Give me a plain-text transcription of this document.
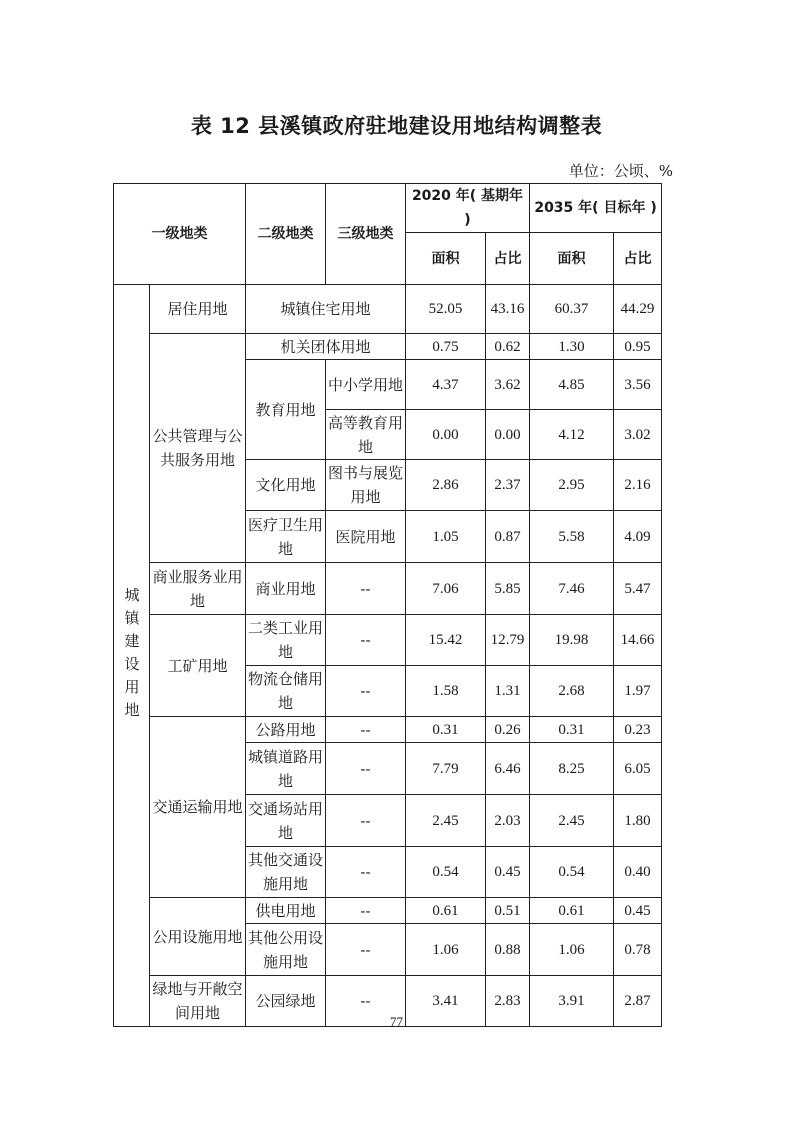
表 12 县溪镇政府驻地建设用地结构调整表
单位：公顷、%
一级地类		二级地类	三级地类	2020 年( 基期年 )		2035 年( 目标年 )	
				面积	占比	面积	占比

城镇建设用地	居住用地	城镇住宅用地		52.05	43.16	60.37	44.29
	公共管理与公共服务用地	机关团体用地		0.75	0.62	1.30	0.95
		教育用地	中小学用地	4.37	3.62	4.85	3.56
			高等教育用地	0.00	0.00	4.12	3.02
		文化用地	图书与展览用地	2.86	2.37	2.95	2.16
		医疗卫生用地	医院用地	1.05	0.87	5.58	4.09
	商业服务业用地	商业用地	--	7.06	5.85	7.46	5.47
	工矿用地	二类工业用地	--	15.42	12.79	19.98	14.66
		物流仓储用地	--	1.58	1.31	2.68	1.97
	交通运输用地	公路用地	--	0.31	0.26	0.31	0.23
		城镇道路用地	--	7.79	6.46	8.25	6.05
		交通场站用地	--	2.45	2.03	2.45	1.80
		其他交通设施用地	--	0.54	0.45	0.54	0.40
	公用设施用地	供电用地	--	0.61	0.51	0.61	0.45
		其他公用设施用地	--	1.06	0.88	1.06	0.78
	绿地与开敞空间用地	公园绿地	--	3.41	2.83	3.91	2.87
77
